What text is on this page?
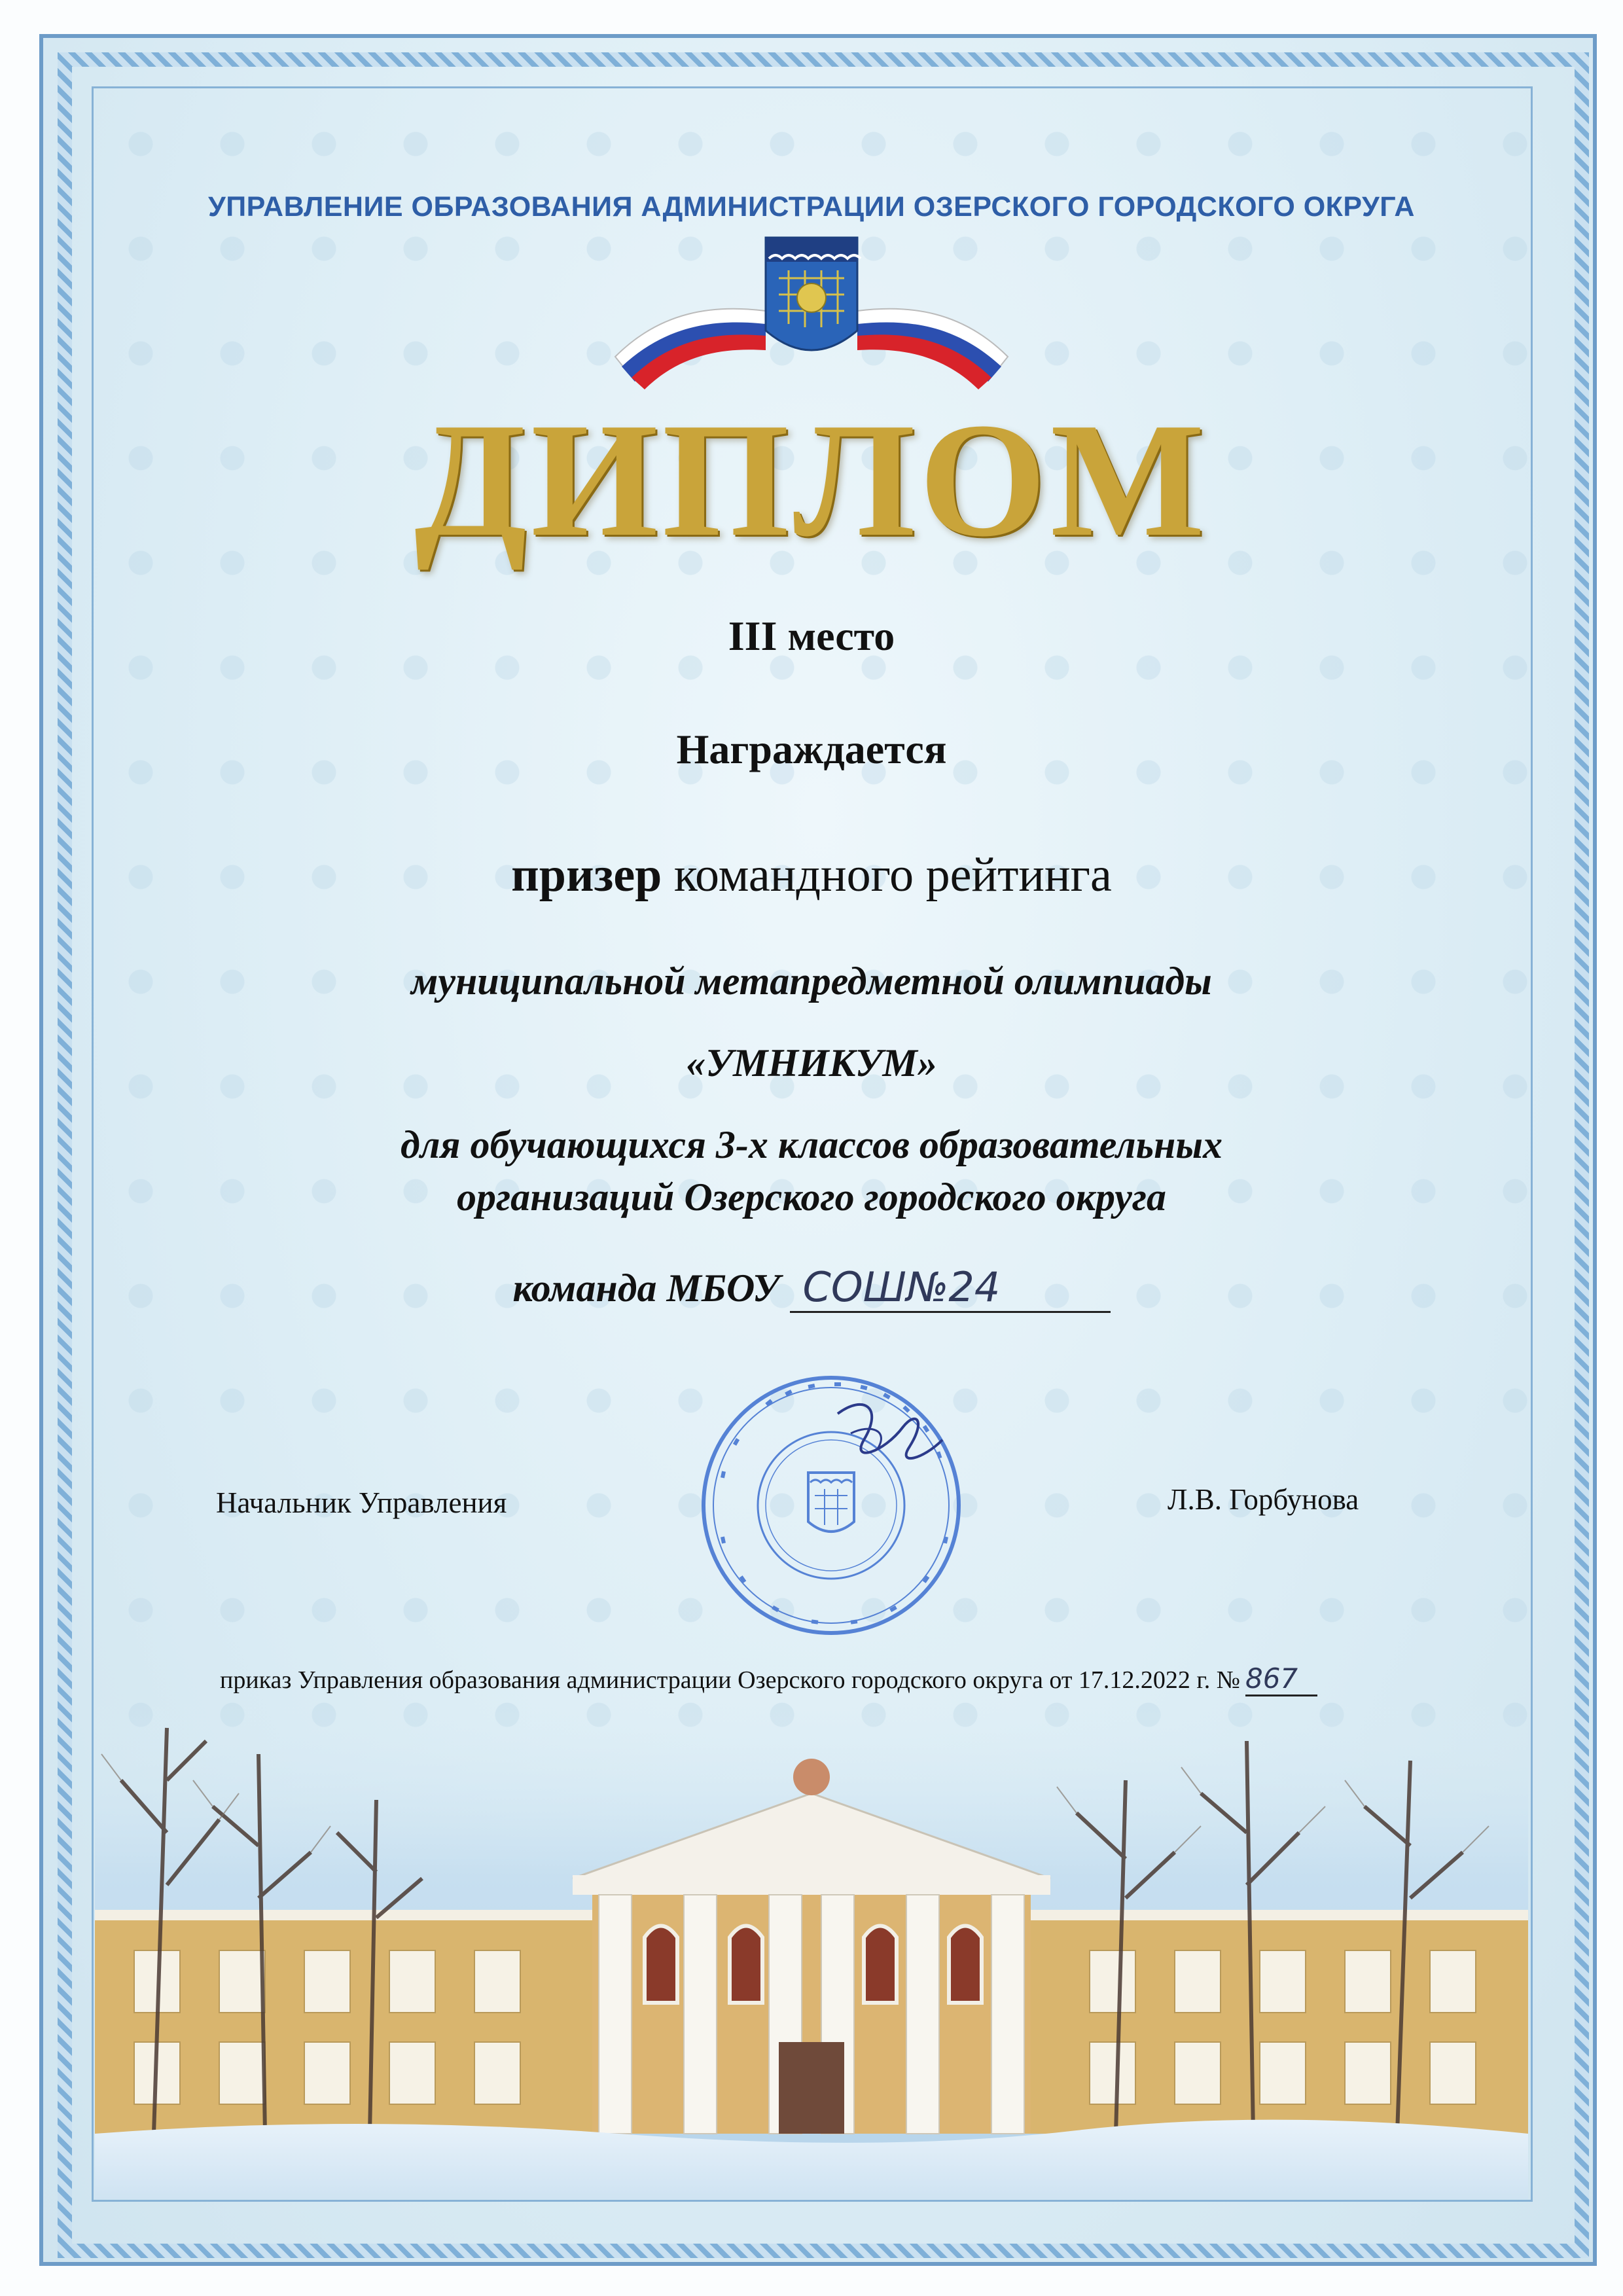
УПРАВЛЕНИЕ ОБРАЗОВАНИЯ АДМИНИСТРАЦИИ ОЗЕРСКОГО ГОРОДСКОГО ОКРУГА
ДИПЛОМ
III место
Награждается
призер командного рейтинга
муниципальной метапредметной олимпиады
«УМНИКУМ»
для обучающихся 3-х классов образовательных
организаций Озерского городского округа
команда МБОУ СОШ№24
Начальник Управления	Л.В. Горбунова
приказ Управления образования администрации Озерского городского округа от 17.12.2022 г. № 867
